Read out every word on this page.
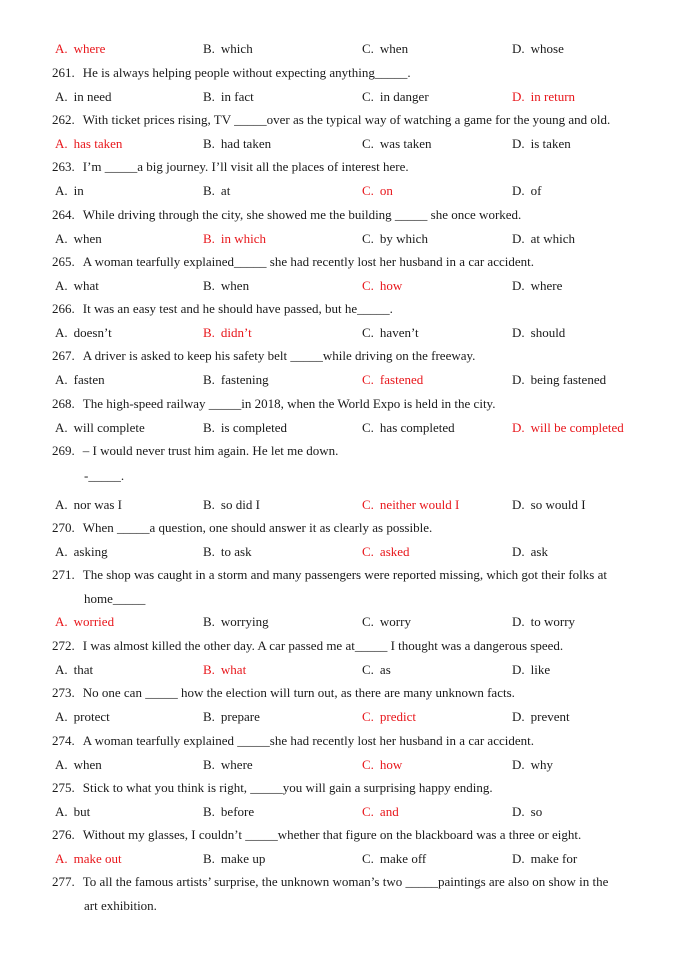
A. where	B. which	C. when	D. whose
261. He is always helping people without expecting anything_____.
A. in need	B. in fact	C. in danger	D. in return
262. With ticket prices rising, TV _____over as the typical way of watching a game for the young and old.
A. has taken	B. had taken	C. was taken	D. is taken
263. I’m _____a big journey. I’ll visit all the places of interest here.
A. in	B. at	C. on	D. of
264. While driving through the city, she showed me the building _____ she once worked.
A. when	B. in which	C. by which	D. at which
265. A woman tearfully explained_____ she had recently lost her husband in a car accident.
A. what	B. when	C. how	D. where
266. It was an easy test and he should have passed, but he_____.
A. doesn’t	B. didn’t	C. haven’t	D. should
267. A driver is asked to keep his safety belt _____while driving on the freeway.
A. fasten	B. fastening	C. fastened	D. being fastened
268. The high-speed railway _____in 2018, when the World Expo is held in the city.
A. will complete	B. is completed	C. has completed	D. will be completed
269. – I would never trust him again. He let me down.
-_____.
A. nor was I	B. so did I	C. neither would I	D. so would I
270. When _____a question, one should answer it as clearly as possible.
A. asking	B. to ask	C. asked	D. ask
271. The shop was caught in a storm and many passengers were reported missing, which got their folks at
home_____
A. worried	B. worrying	C. worry	D. to worry
272. I was almost killed the other day. A car passed me at_____ I thought was a dangerous speed.
A. that	B. what	C. as	D. like
273. No one can _____ how the election will turn out, as there are many unknown facts.
A. protect	B. prepare	C. predict	D. prevent
274. A woman tearfully explained _____she had recently lost her husband in a car accident.
A. when	B. where	C. how	D. why
275. Stick to what you think is right, _____you will gain a surprising happy ending.
A. but	B. before	C. and	D. so
276. Without my glasses, I couldn’t _____whether that figure on the blackboard was a three or eight.
A. make out	B. make up	C. make off	D. make for
277. To all the famous artists’ surprise, the unknown woman’s two _____paintings are also on show in the
art exhibition.
